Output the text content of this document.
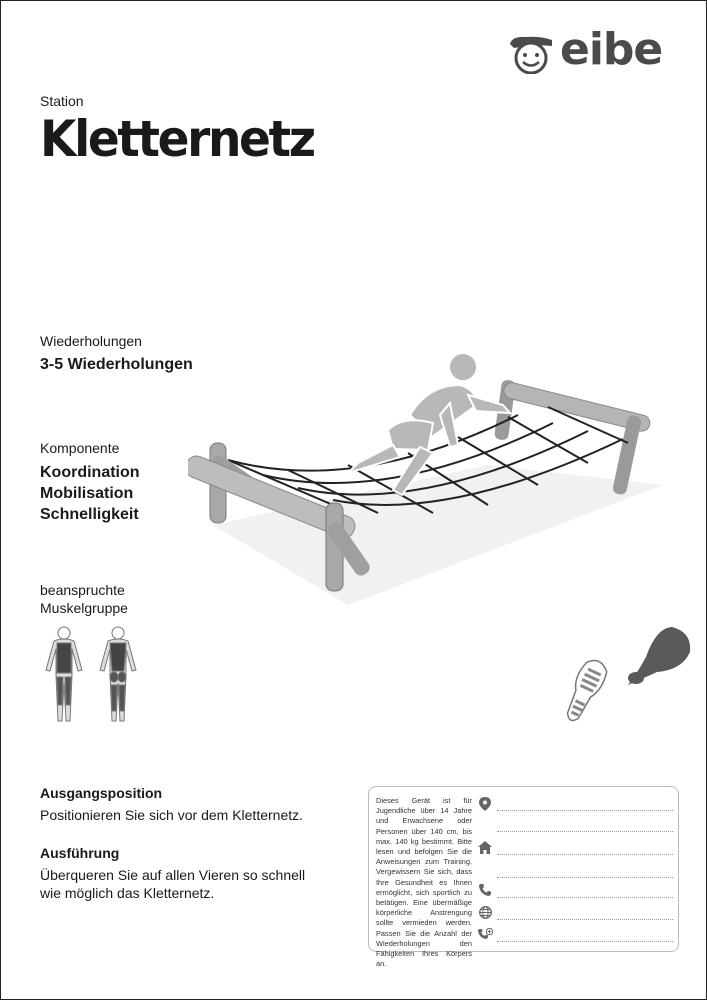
eibe
Station
Kletternetz
Wiederholungen
3-5 Wiederholungen
Komponente
Koordination
Mobilisation
Schnelligkeit
beanspruchte
Muskelgruppe
Ausgangsposition
Positionieren Sie sich vor dem Kletternetz.
Ausführung
Überqueren Sie auf allen Vieren so schnell
wie möglich das Kletternetz.
Dieses Gerät ist für Jugendliche über 14 Jahre und Erwachsene oder Personen über 140 cm, bis max. 140 kg bestimmt. Bitte lesen und befolgen Sie die Anweisungen zum Training. Vergewissern Sie sich, dass Ihre Gesundheit es Ihnen ermöglicht, sich sportlich zu betätigen. Eine übermäßige körperliche Anstrengung sollte vermieden werden. Passen Sie die Anzahl der Wiederholungen den Fähigkeiten Ihres Körpers an.
